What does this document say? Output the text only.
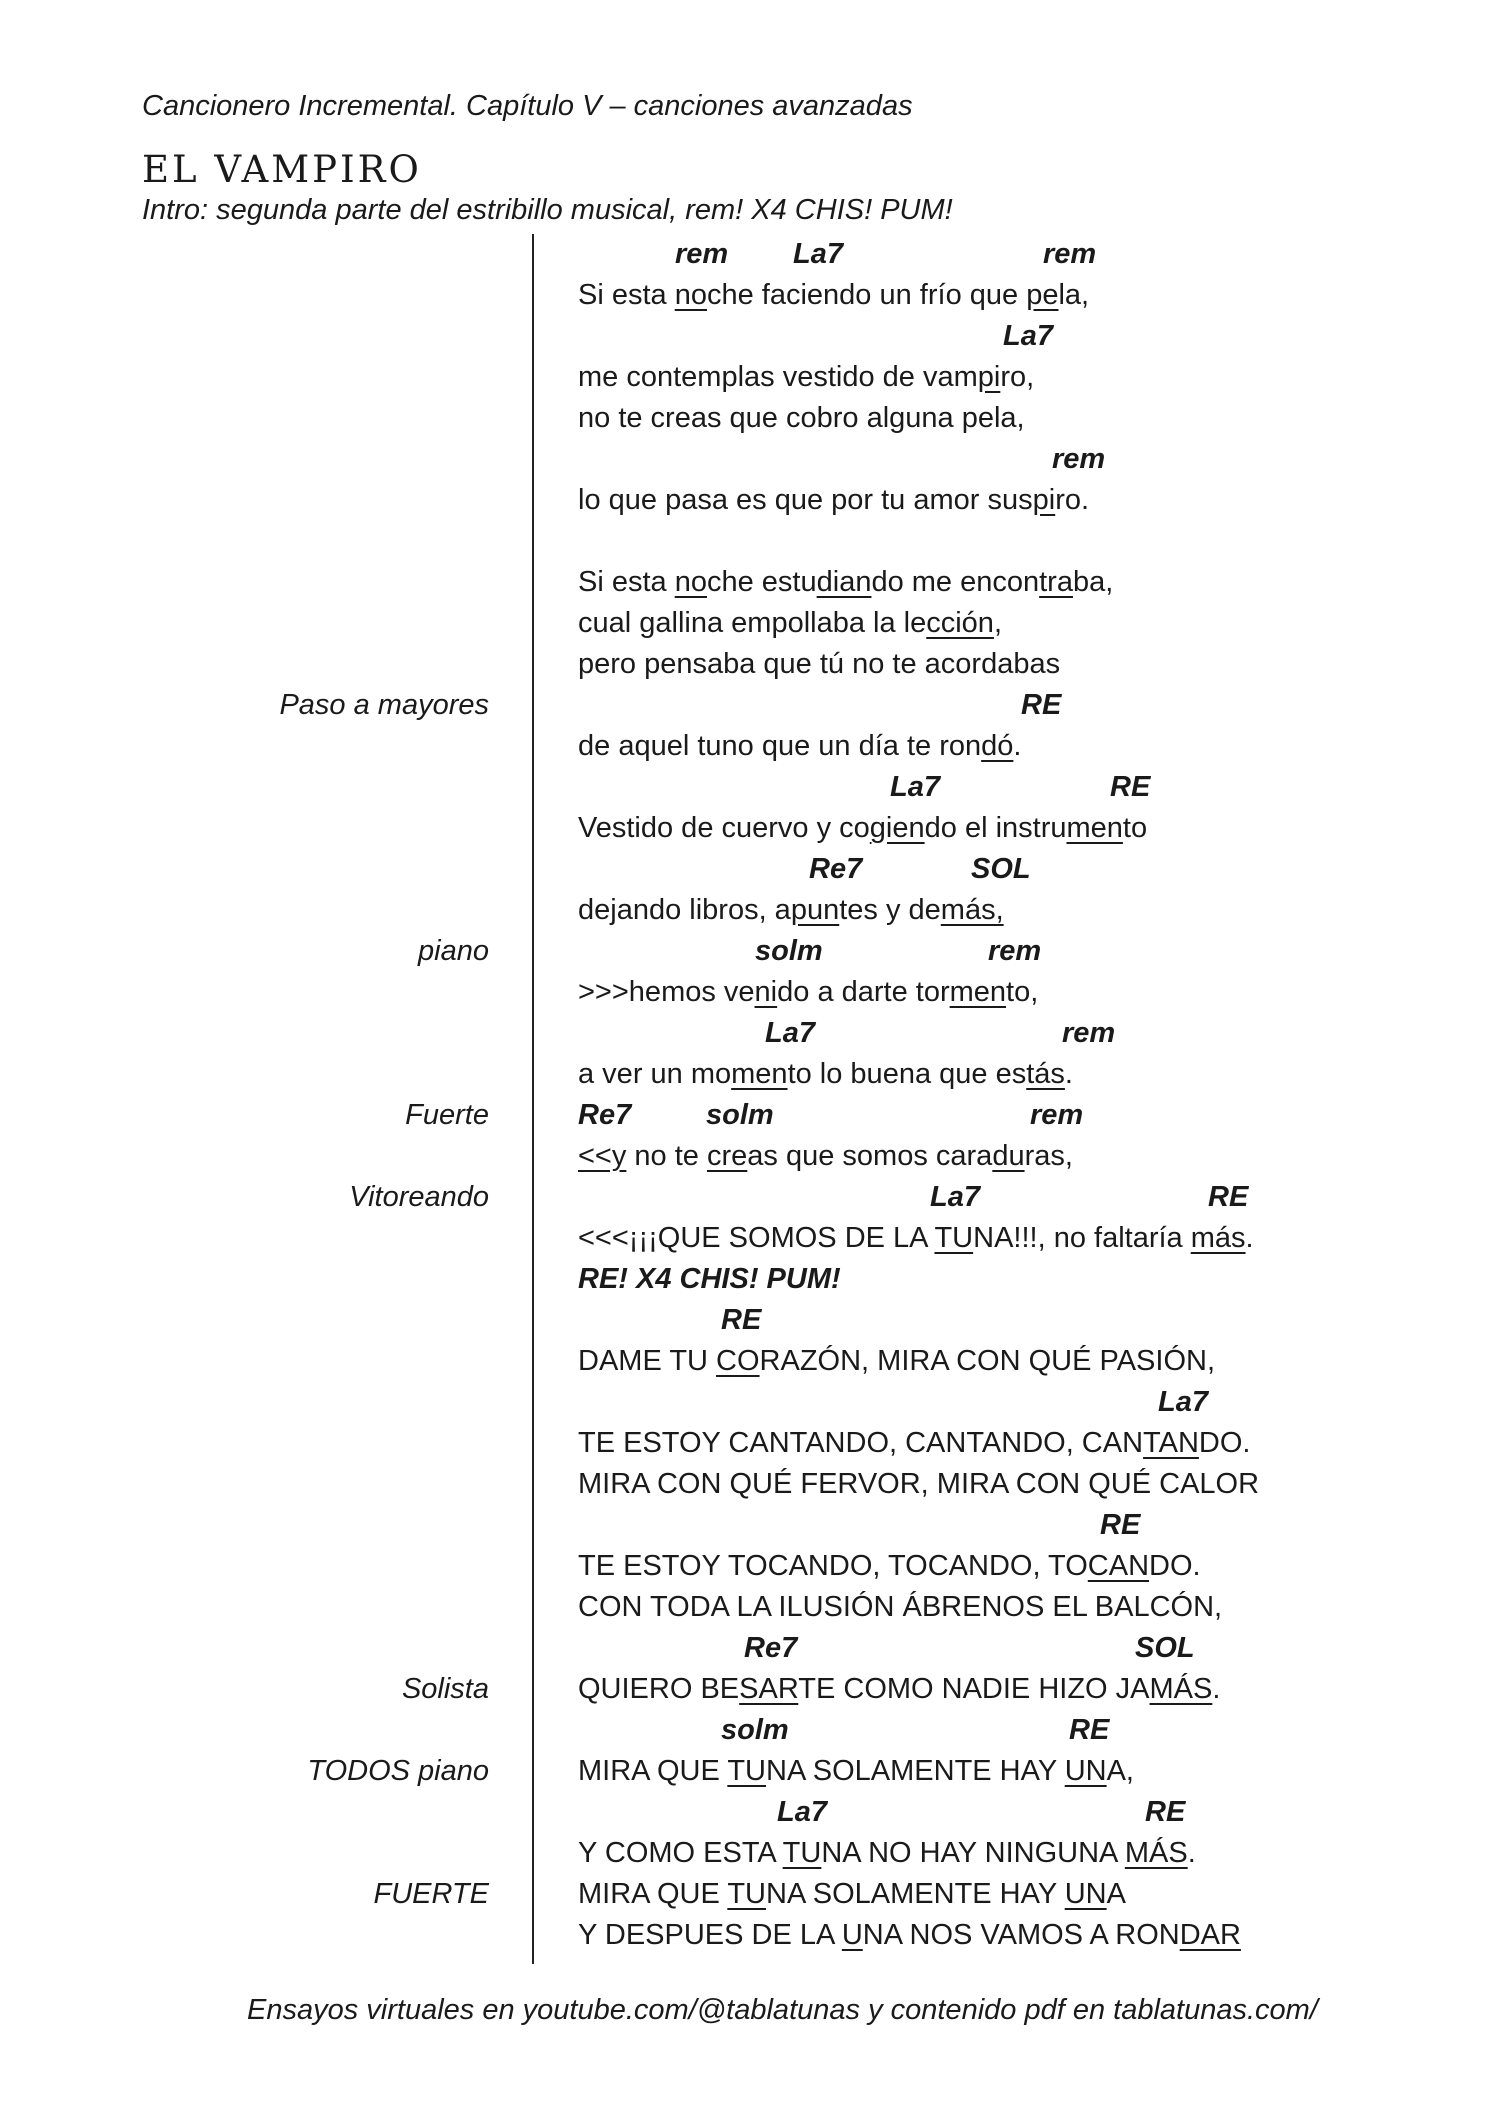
Cancionero Incremental. Capítulo V – canciones avanzadas
EL VAMPIRO
Intro: segunda parte del estribillo musical, rem! X4 CHIS! PUM!
Paso a mayores
piano
Fuerte
Vitoreando
Solista
TODOS piano
FUERTE
rem La7	rem
Si esta noche faciendo un frío que pela,
La7
me contemplas vestido de vampiro,
no te creas que cobro alguna pela,
rem
lo que pasa es que por tu amor suspiro.
Si esta noche estudiando me encontraba,
cual gallina empollaba la lección,
pero pensaba que tú no te acordabas
RE
de aquel tuno que un día te rondó.
La7	RE
Vestido de cuervo y cogiendo el instrumento
Re7	SOL
dejando libros, apuntes y demás,
solm	rem
>>>hemos venido a darte tormento,
La7	rem
a ver un momento lo buena que estás.
Re7	solm	rem
<<y no te creas que somos caraduras,
La7	RE
<<<¡¡¡QUE SOMOS DE LA TUNA!!!, no faltaría más.
RE! X4 CHIS! PUM!
RE
DAME TU CORAZÓN, MIRA CON QUÉ PASIÓN,
La7
TE ESTOY CANTANDO, CANTANDO, CANTANDO.
MIRA CON QUÉ FERVOR, MIRA CON QUÉ CALOR
RE
TE ESTOY TOCANDO, TOCANDO, TOCANDO.
CON TODA LA ILUSIÓN ÁBRENOS EL BALCÓN,
Re7	SOL
QUIERO BESARTE COMO NADIE HIZO JAMÁS.
solm	RE
MIRA QUE TUNA SOLAMENTE HAY UNA,
La7	RE
Y COMO ESTA TUNA NO HAY NINGUNA MÁS.
MIRA QUE TUNA SOLAMENTE HAY UNA
Y DESPUES DE LA UNA NOS VAMOS A RONDAR
Ensayos virtuales en youtube.com/@tablatunas y contenido pdf en tablatunas.com/
